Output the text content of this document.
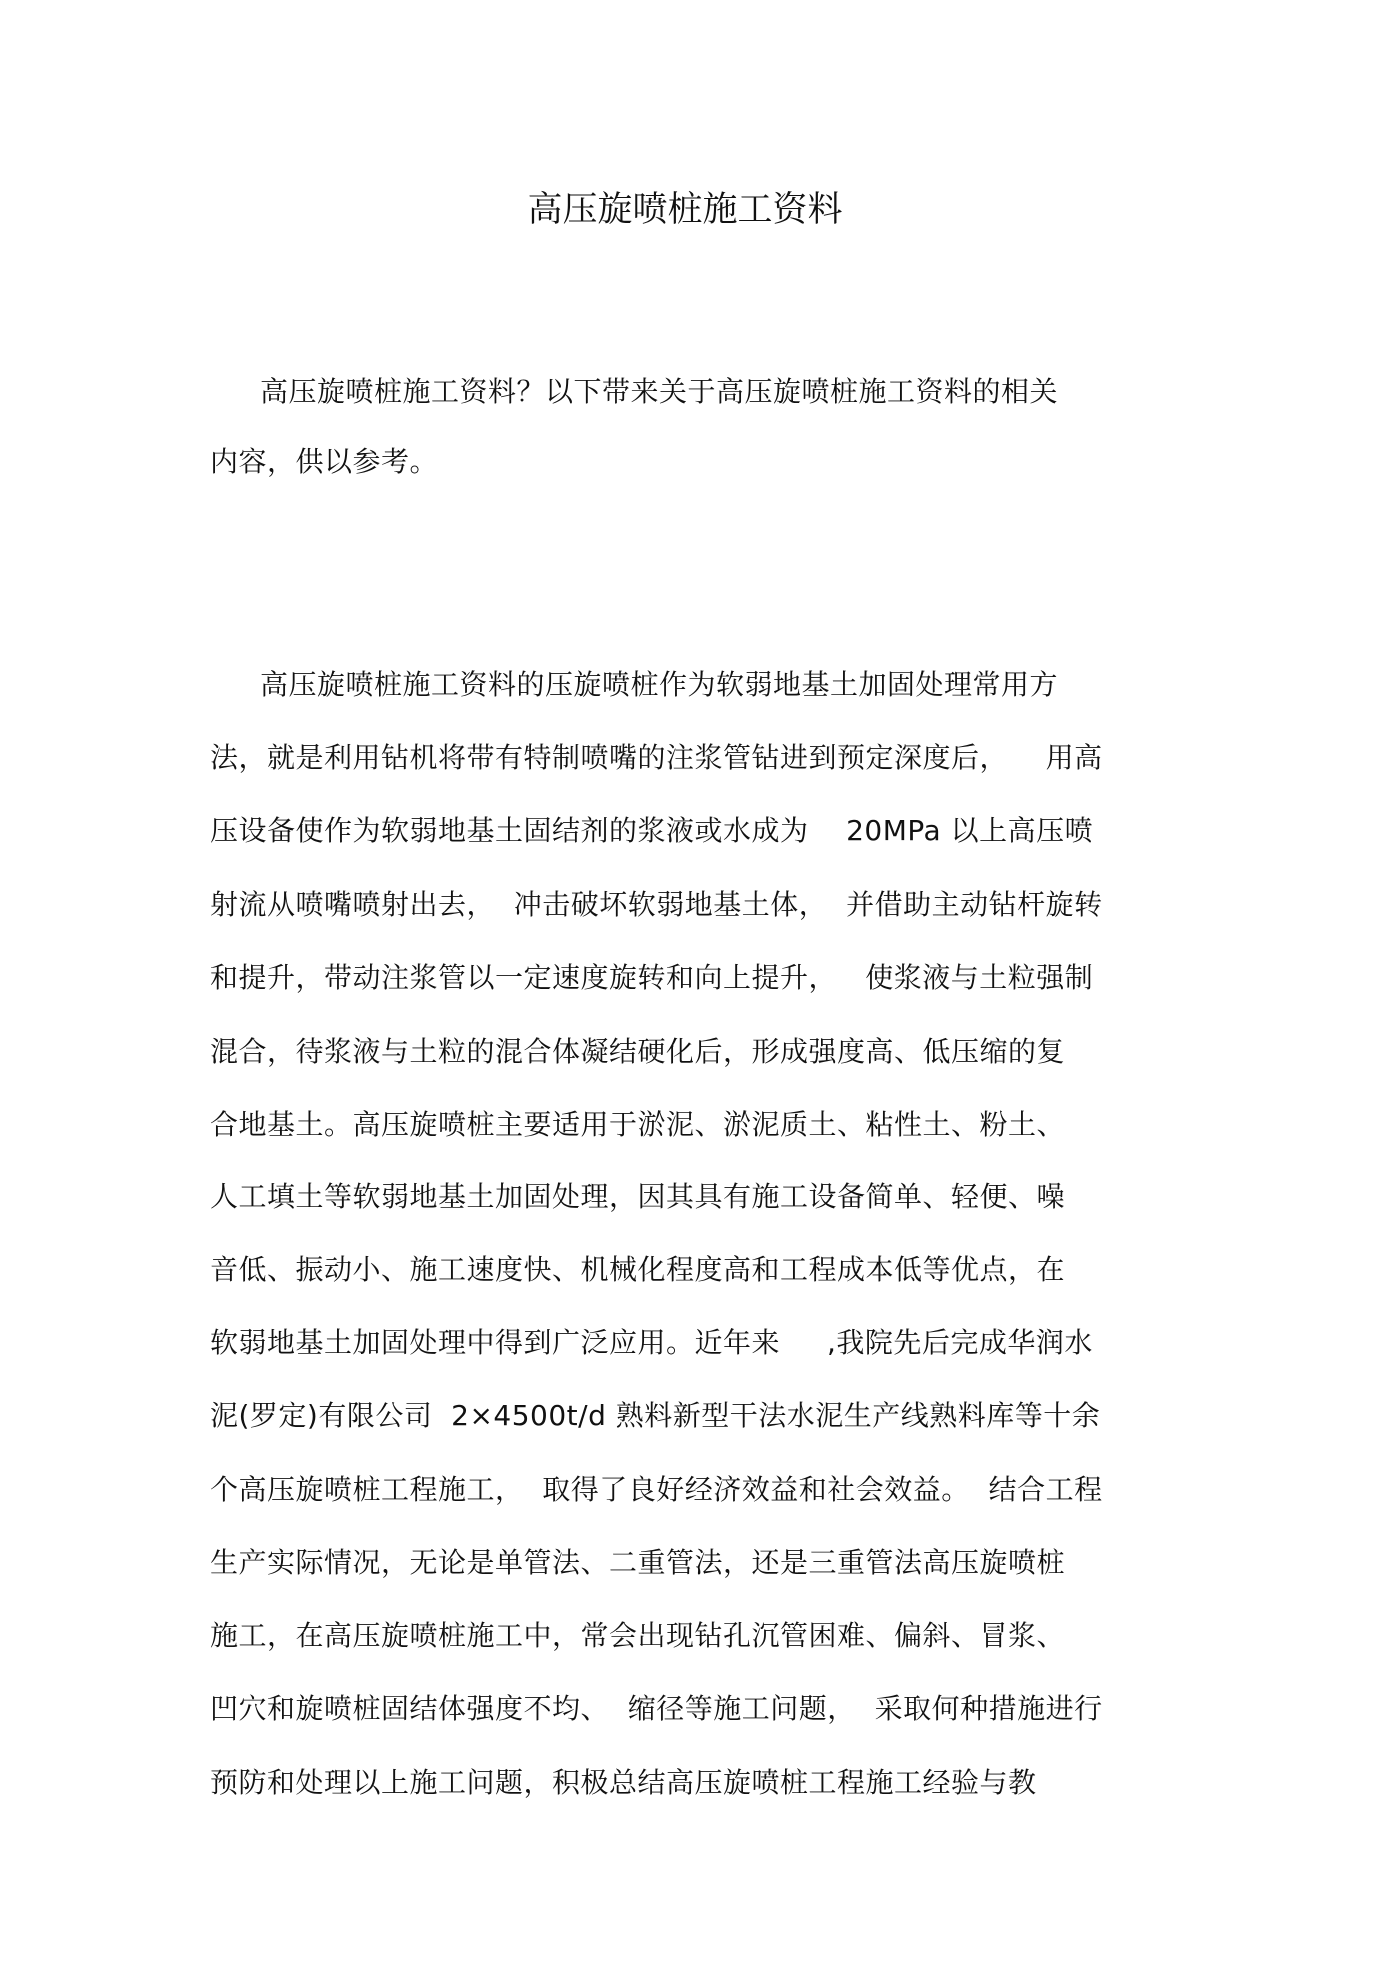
高压旋喷桩施工资料
高压旋喷桩施工资料？以下带来关于高压旋喷桩施工资料的相关
内容，供以参考。
高压旋喷桩施工资料的压旋喷桩作为软弱地基土加固处理常用方
法，就是利用钻机将带有特制喷嘴的注浆管钻进到预定深度后，    用高
压设备使作为软弱地基土固结剂的浆液或水成为    20MPa 以上高压喷
射流从喷嘴喷射出去，  冲击破坏软弱地基土体，  并借助主动钻杆旋转
和提升，带动注浆管以一定速度旋转和向上提升，   使浆液与土粒强制
混合，待浆液与土粒的混合体凝结硬化后，形成强度高、低压缩的复
合地基土。高压旋喷桩主要适用于淤泥、淤泥质土、粘性土、粉土、
人工填土等软弱地基土加固处理，因其具有施工设备简单、轻便、噪
音低、振动小、施工速度快、机械化程度高和工程成本低等优点，在
软弱地基土加固处理中得到广泛应用。近年来     ,我院先后完成华润水
泥(罗定)有限公司  2×4500t/d 熟料新型干法水泥生产线熟料库等十余
个高压旋喷桩工程施工，  取得了良好经济效益和社会效益。  结合工程
生产实际情况，无论是单管法、二重管法，还是三重管法高压旋喷桩
施工，在高压旋喷桩施工中，常会出现钻孔沉管困难、偏斜、冒浆、
凹穴和旋喷桩固结体强度不均、  缩径等施工问题，  采取何种措施进行
预防和处理以上施工问题，积极总结高压旋喷桩工程施工经验与教
